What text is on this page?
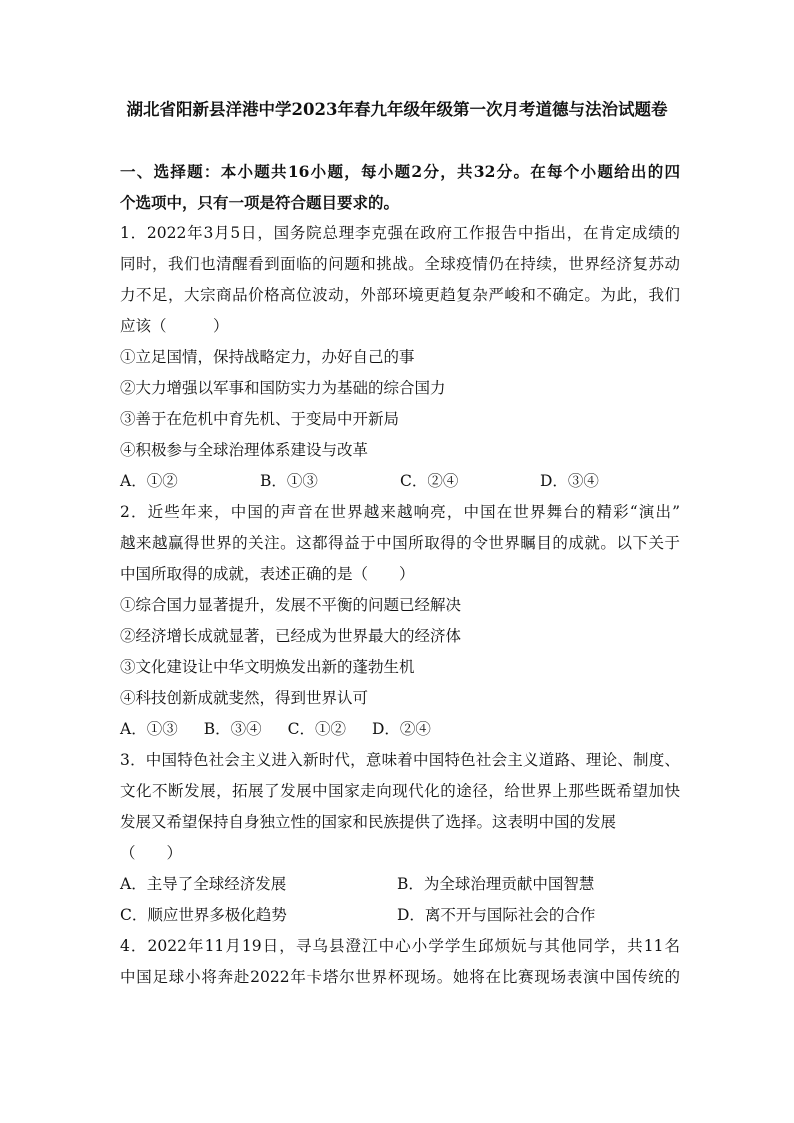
湖北省阳新县洋港中学2023年春九年级年级第一次月考道德与法治试题卷
一、选择题：本小题共16小题，每小题2分，共32分。在每个小题给出的四
个选项中，只有一项是符合题目要求的。
1．2022年3月5日，国务院总理李克强在政府工作报告中指出，在肯定成绩的
同时，我们也清醒看到面临的问题和挑战。全球疫情仍在持续，世界经济复苏动
力不足，大宗商品价格高位波动，外部环境更趋复杂严峻和不确定。为此，我们
应该（　　　）
①立足国情，保持战略定力，办好自己的事
②大力增强以军事和国防实力为基础的综合国力
③善于在危机中育先机、于变局中开新局
④积极参与全球治理体系建设与改革
A．①②	B．①③	C．②④	D．③④
2．近些年来，中国的声音在世界越来越响亮，中国在世界舞台的精彩“演出”
越来越赢得世界的关注。这都得益于中国所取得的令世界瞩目的成就。以下关于
中国所取得的成就，表述正确的是（　　）
①综合国力显著提升，发展不平衡的问题已经解决
②经济增长成就显著，已经成为世界最大的经济体
③文化建设让中华文明焕发出新的蓬勃生机
④科技创新成就斐然，得到世界认可
A．①③ B．③④ C．①② D．②④
3．中国特色社会主义进入新时代，意味着中国特色社会主义道路、理论、制度、
文化不断发展，拓展了发展中国家走向现代化的途径，给世界上那些既希望加快
发展又希望保持自身独立性的国家和民族提供了选择。这表明中国的发展
（　　）
A．主导了全球经济发展	B．为全球治理贡献中国智慧
C．顺应世界多极化趋势	D．离不开与国际社会的合作
4．2022年11月19日，寻乌县澄江中心小学学生邱烦妧与其他同学，共11名
中国足球小将奔赴2022年卡塔尔世界杯现场。她将在比赛现场表演中国传统的
